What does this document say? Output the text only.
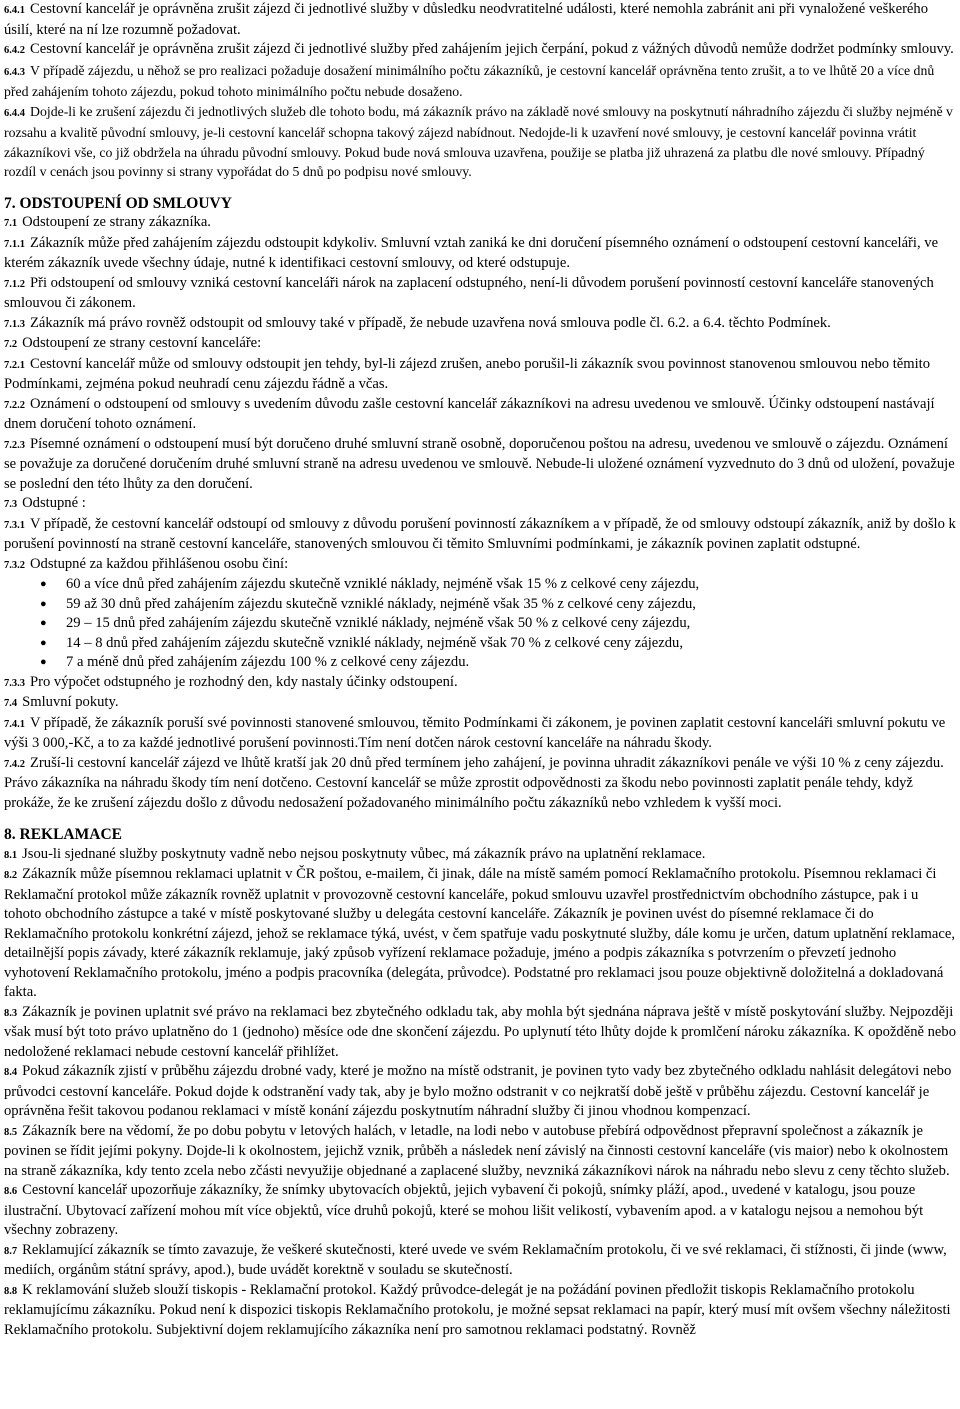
6.4.1 Cestovní kancelář je oprávněna zrušit zájezd či jednotlivé služby v důsledku neodvratitelné události, které nemohla zabránit ani při vynaložené veškerého úsilí, které na ní lze rozumně požadovat.

6.4.2 Cestovní kancelář je oprávněna zrušit zájezd či jednotlivé služby před zahájením jejich čerpání, pokud z vážných důvodů nemůže dodržet podmínky smlouvy.

6.4.3 V případě zájezdu, u něhož se pro realizaci požaduje dosažení minimálního počtu zákazníků, je cestovní kancelář oprávněna tento zrušit, a to ve lhůtě 20 a více dnů před zahájením tohoto zájezdu, pokud tohoto minimálního počtu nebude dosaženo.

6.4.4 Dojde-li ke zrušení zájezdu či jednotlivých služeb dle tohoto bodu, má zákazník právo na základě nové smlouvy na poskytnutí náhradního zájezdu či služby nejméně v rozsahu a kvalitě původní smlouvy, je-li cestovní kancelář schopna takový zájezd nabídnout. Nedojde-li k uzavření nové smlouvy, je cestovní kancelář povinna vrátit zákazníkovi vše, co již obdržela na úhradu původní smlouvy. Pokud bude nová smlouva uzavřena, použije se platba již uhrazená za platbu dle nové smlouvy. Případný rozdíl v cenách jsou povinny si strany vypořádat do 5 dnů po podpisu nové smlouvy.

7. ODSTOUPENÍ OD SMLOUVY

7.1 Odstoupení ze strany zákazníka.

7.1.1 Zákazník může před zahájením zájezdu odstoupit kdykoliv. Smluvní vztah zaniká ke dni doručení písemného oznámení o odstoupení cestovní kanceláři, ve kterém zákazník uvede všechny údaje, nutné k identifikaci cestovní smlouvy, od které odstupuje.

7.1.2 Při odstoupení od smlouvy vzniká cestovní kanceláři nárok na zaplacení odstupného, není-li důvodem porušení povinností cestovní kanceláře stanovených smlouvou či zákonem.

7.1.3 Zákazník má právo rovněž odstoupit od smlouvy také v případě, že nebude uzavřena nová smlouva podle čl. 6.2. a 6.4. těchto Podmínek.

7.2 Odstoupení ze strany cestovní kanceláře:

7.2.1 Cestovní kancelář může od smlouvy odstoupit jen tehdy, byl-li zájezd zrušen, anebo porušil-li zákazník svou povinnost stanovenou smlouvou nebo těmito Podmínkami, zejména pokud neuhradí cenu zájezdu řádně a včas.

7.2.2 Oznámení o odstoupení od smlouvy s uvedením důvodu zašle cestovní kancelář zákazníkovi na adresu uvedenou ve smlouvě. Účinky odstoupení nastávají dnem doručení tohoto oznámení.

7.2.3 Písemné oznámení o odstoupení musí být doručeno druhé smluvní straně osobně, doporučenou poštou na adresu, uvedenou ve smlouvě o zájezdu. Oznámení se považuje za doručené doručením druhé smluvní straně na adresu uvedenou ve smlouvě. Nebude-li uložené oznámení vyzvednuto do 3 dnů od uložení, považuje se poslední den této lhůty za den doručení.

7.3 Odstupné :

7.3.1 V případě, že cestovní kancelář odstoupí od smlouvy z důvodu porušení povinností zákazníkem a v případě, že od smlouvy odstoupí zákazník, aniž by došlo k porušení povinností na straně cestovní kanceláře, stanovených smlouvou či těmito Smluvními podmínkami, je zákazník povinen zaplatit odstupné.

7.3.2 Odstupné za každou přihlášenou osobu činí:

● 60 a více dnů před zahájením zájezdu skutečně vzniklé náklady, nejméně však 15 % z celkové ceny zájezdu,
● 59 až 30 dnů před zahájením zájezdu skutečně vzniklé náklady, nejméně však 35 % z celkové ceny zájezdu,
● 29 – 15 dnů před zahájením zájezdu skutečně vzniklé náklady, nejméně však 50 % z celkové ceny zájezdu,
● 14 – 8 dnů před zahájením zájezdu skutečně vzniklé náklady, nejméně však 70 % z celkové ceny zájezdu,
● 7 a méně dnů před zahájením zájezdu 100 % z celkové ceny zájezdu.

7.3.3 Pro výpočet odstupného je rozhodný den, kdy nastaly účinky odstoupení.

7.4 Smluvní pokuty.

7.4.1 V případě, že zákazník poruší své povinnosti stanovené smlouvou, těmito Podmínkami či zákonem, je povinen zaplatit cestovní kanceláři smluvní pokutu ve výši 3 000,-Kč, a to za každé jednotlivé porušení povinnosti.Tím není dotčen nárok cestovní kanceláře na náhradu škody.

7.4.2 Zruší-li cestovní kancelář zájezd ve lhůtě kratší jak 20 dnů před termínem jeho zahájení, je povinna uhradit zákazníkovi penále ve výši 10 % z ceny zájezdu. Právo zákazníka na náhradu škody tím není dotčeno. Cestovní kancelář se může zprostit odpovědnosti za škodu nebo povinnosti zaplatit penále tehdy, když prokáže, že ke zrušení zájezdu došlo z důvodu nedosažení požadovaného minimálního počtu zákazníků nebo vzhledem k vyšší moci.

8. REKLAMACE

8.1 Jsou-li sjednané služby poskytnuty vadně nebo nejsou poskytnuty vůbec, má zákazník právo na uplatnění reklamace.

8.2 Zákazník může písemnou reklamaci uplatnit v ČR poštou, e-mailem, či jinak, dále na místě samém pomocí Reklamačního protokolu. Písemnou reklamaci či Reklamační protokol může zákazník rovněž uplatnit v provozovně cestovní kanceláře, pokud smlouvu uzavřel prostřednictvím obchodního zástupce, pak i u tohoto obchodního zástupce a také v místě poskytované služby u delegáta cestovní kanceláře. Zákazník je povinen uvést do písemné reklamace či do Reklamačního protokolu konkrétní zájezd, jehož se reklamace týká, uvést, v čem spatřuje vadu poskytnuté služby, dále komu je určen, datum uplatnění reklamace, detailnější popis závady, které zákazník reklamuje, jaký způsob vyřízení reklamace požaduje, jméno a podpis zákazníka s potvrzením o převzetí jednoho vyhotovení Reklamačního protokolu, jméno a podpis pracovníka (delegáta, průvodce). Podstatné pro reklamaci jsou pouze objektivně doložitelná a dokladovaná fakta.

8.3 Zákazník je povinen uplatnit své právo na reklamaci bez zbytečného odkladu tak, aby mohla být sjednána náprava ještě v místě poskytování služby. Nejpozději však musí být toto právo uplatněno do 1 (jednoho) měsíce ode dne skončení zájezdu. Po uplynutí této lhůty dojde k promlčení nároku zákazníka. K opožděně nebo nedoložené reklamaci nebude cestovní kancelář přihlížet.

8.4 Pokud zákazník zjistí v průběhu zájezdu drobné vady, které je možno na místě odstranit, je povinen tyto vady bez zbytečného odkladu nahlásit delegátovi nebo průvodci cestovní kanceláře. Pokud dojde k odstranění vady tak, aby je bylo možno odstranit v co nejkratší době ještě v průběhu zájezdu. Cestovní kancelář je oprávněna řešit takovou podanou reklamaci v místě konání zájezdu poskytnutím náhradní služby či jinou vhodnou kompenzací.

8.5 Zákazník bere na vědomí, že po dobu pobytu v letových halách, v letadle, na lodi nebo v autobuse přebírá odpovědnost přepravní společnost a zákazník je povinen se řídit jejími pokyny. Dojde-li k okolnostem, jejichž vznik, průběh a následek není závislý na činnosti cestovní kanceláře (vis maior) nebo k okolnostem na straně zákazníka, kdy tento zcela nebo zčásti nevyužije objednané a zaplacené služby, nevzniká zákazníkovi nárok na náhradu nebo slevu z ceny těchto služeb.

8.6 Cestovní kancelář upozorňuje zákazníky, že snímky ubytovacích objektů, jejich vybavení či pokojů, snímky pláží, apod., uvedené v katalogu, jsou pouze ilustrační. Ubytovací zařízení mohou mít více objektů, více druhů pokojů, které se mohou lišit velikostí, vybavením apod. a v katalogu nejsou a nemohou být všechny zobrazeny.

8.7 Reklamující zákazník se tímto zavazuje, že veškeré skutečnosti, které uvede ve svém Reklamačním protokolu, či ve své reklamaci, či stížnosti, či jinde (www, mediích, orgánům státní správy, apod.), bude uvádět korektně v souladu se skutečností.

8.8 K reklamování služeb slouží tiskopis - Reklamační protokol. Každý průvodce-delegát je na požádání povinen předložit tiskopis Reklamačního protokolu reklamujícímu zákazníku. Pokud není k dispozici tiskopis Reklamačního protokolu, je možné sepsat reklamaci na papír, který musí mít ovšem všechny náležitosti Reklamačního protokolu. Subjektivní dojem reklamujícího zákazníka není pro samotnou reklamaci podstatný. Rovněž
